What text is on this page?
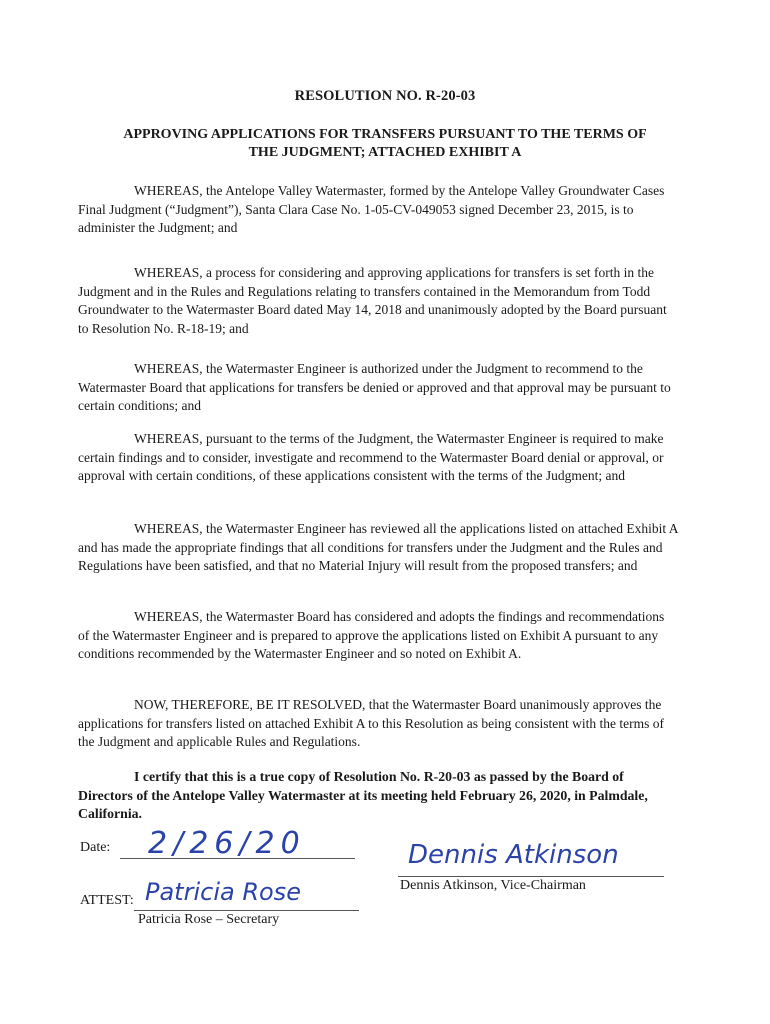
RESOLUTION NO. R-20-03
APPROVING APPLICATIONS FOR TRANSFERS PURSUANT TO THE TERMS OF
THE JUDGMENT; ATTACHED EXHIBIT A

WHEREAS, the Antelope Valley Watermaster, formed by the Antelope Valley Groundwater Cases Final Judgment (“Judgment”), Santa Clara Case No. 1-05-CV-049053 signed December 23, 2015, is to administer the Judgment; and

WHEREAS, a process for considering and approving applications for transfers is set forth in the Judgment and in the Rules and Regulations relating to transfers contained in the Memorandum from Todd Groundwater to the Watermaster Board dated May 14, 2018 and unanimously adopted by the Board pursuant to Resolution No. R-18-19; and

WHEREAS, the Watermaster Engineer is authorized under the Judgment to recommend to the Watermaster Board that applications for transfers be denied or approved and that approval may be pursuant to certain conditions; and

WHEREAS, pursuant to the terms of the Judgment, the Watermaster Engineer is required to make certain findings and to consider, investigate and recommend to the Watermaster Board denial or approval, or approval with certain conditions, of these applications consistent with the terms of the Judgment; and

WHEREAS, the Watermaster Engineer has reviewed all the applications listed on attached Exhibit A and has made the appropriate findings that all conditions for transfers under the Judgment and the Rules and Regulations have been satisfied, and that no Material Injury will result from the proposed transfers; and

WHEREAS, the Watermaster Board has considered and adopts the findings and recommendations of the Watermaster Engineer and is prepared to approve the applications listed on Exhibit A pursuant to any conditions recommended by the Watermaster Engineer and so noted on Exhibit A.

NOW, THEREFORE, BE IT RESOLVED, that the Watermaster Board unanimously approves the applications for transfers listed on attached Exhibit A to this Resolution as being consistent with the terms of the Judgment and applicable Rules and Regulations.

I certify that this is a true copy of Resolution No. R-20-03 as passed by the Board of Directors of the Antelope Valley Watermaster at its meeting held February 26, 2020, in Palmdale, California.

Date: 2/26/20
ATTEST: Patricia Rose
Patricia Rose – Secretary
Dennis Atkinson
Dennis Atkinson, Vice-Chairman
